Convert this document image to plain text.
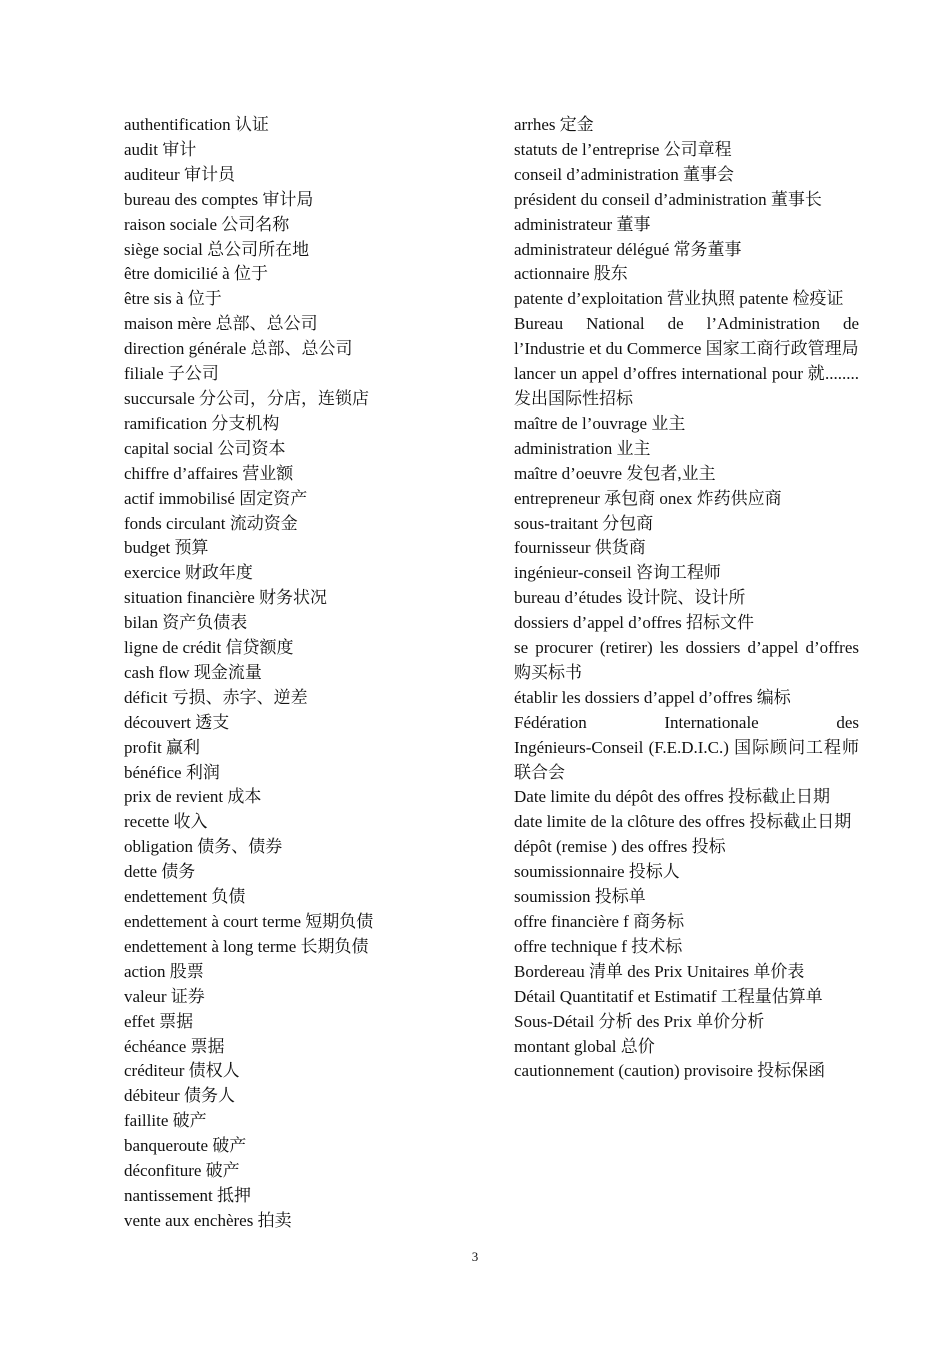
authentification 认证
audit 审计
auditeur 审计员
bureau des comptes 审计局
raison sociale 公司名称
siège social 总公司所在地
être domicilié à 位于
être sis à 位于
maison mère 总部、总公司
direction générale 总部、总公司
filiale 子公司
succursale 分公司，分店，连锁店
ramification 分支机构
capital social 公司资本
chiffre d’affaires 营业额
actif immobilisé 固定资产
fonds circulant 流动资金
budget 预算
exercice 财政年度
situation financière 财务状况
bilan 资产负债表
ligne de crédit 信贷额度
cash flow 现金流量
déficit 亏损、赤字、逆差
découvert 透支
profit 赢利
bénéfice 利润
prix de revient 成本
recette 收入
obligation 债务、债券
dette 债务
endettement 负债
endettement à court terme 短期负债
endettement à long terme 长期负债
action 股票
valeur 证券
effet 票据
échéance 票据
créditeur 债权人
débiteur 债务人
faillite 破产
banqueroute 破产
déconfiture 破产
nantissement 抵押
vente aux enchères 拍卖
arrhes 定金
statuts de l’entreprise 公司章程
conseil d’administration 董事会
président du conseil d’administration 董事长
administrateur 董事
administrateur délégué 常务董事
actionnaire 股东
patente d’exploitation 营业执照 patente 检疫证
Bureau National de l’Administration de l’Industrie et du Commerce 国家工商行政管理局
lancer un appel d’offres international pour 就........发出国际性招标
maître de l’ouvrage 业主
administration 业主
maître d’oeuvre 发包者,业主
entrepreneur 承包商 onex 炸药供应商
sous-traitant 分包商
fournisseur 供货商
ingénieur-conseil 咨询工程师
bureau d’études 设计院、设计所
dossiers d’appel d’offres 招标文件
se procurer (retirer) les dossiers d’appel d’offres 购买标书
établir les dossiers d’appel d’offres 编标
Fédération Internationale des
Ingénieurs-Conseil (F.E.D.I.C.) 国际顾问工程师联合会
Date limite du dépôt des offres 投标截止日期
date limite de la clôture des offres 投标截止日期
dépôt (remise ) des offres 投标
soumissionnaire 投标人
soumission 投标单
offre financière f 商务标
offre technique f 技术标
Bordereau 清单 des Prix Unitaires 单价表
Détail Quantitatif et Estimatif 工程量估算单
Sous-Détail 分析 des Prix 单价分析
montant global 总价
cautionnement (caution) provisoire 投标保函
3
